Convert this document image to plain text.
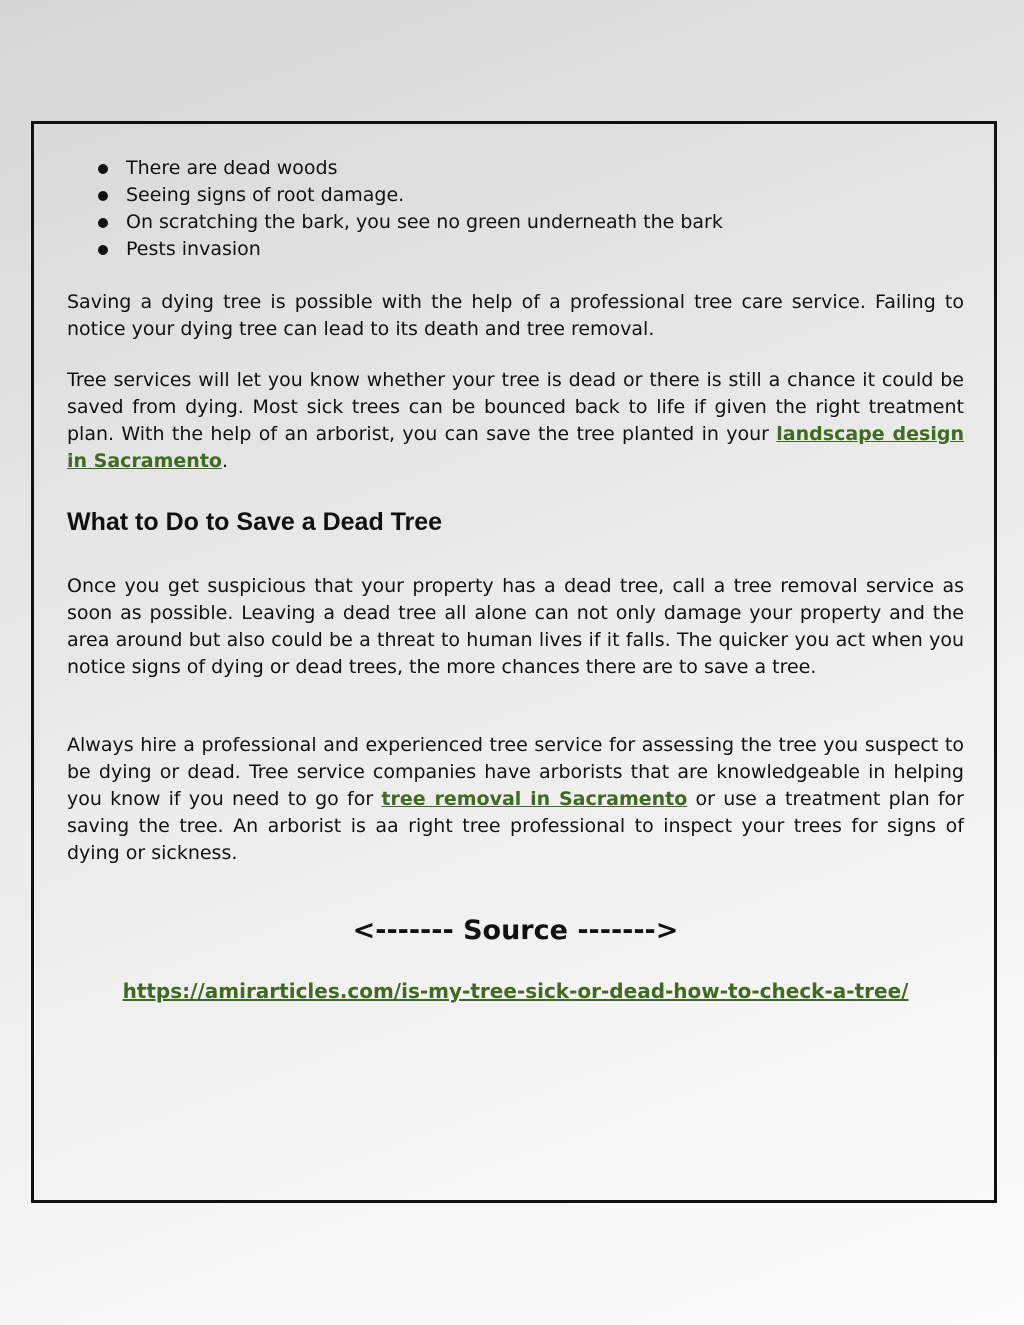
There are dead woods
Seeing signs of root damage.
On scratching the bark, you see no green underneath the bark
Pests invasion

Saving a dying tree is possible with the help of a professional tree care service. Failing to notice your dying tree can lead to its death and tree removal.

Tree services will let you know whether your tree is dead or there is still a chance it could be saved from dying. Most sick trees can be bounced back to life if given the right treatment plan. With the help of an arborist, you can save the tree planted in your landscape design in Sacramento.

What to Do to Save a Dead Tree

Once you get suspicious that your property has a dead tree, call a tree removal service as soon as possible. Leaving a dead tree all alone can not only damage your property and the area around but also could be a threat to human lives if it falls. The quicker you act when you notice signs of dying or dead trees, the more chances there are to save a tree.

Always hire a professional and experienced tree service for assessing the tree you suspect to be dying or dead. Tree service companies have arborists that are knowledgeable in helping you know if you need to go for tree removal in Sacramento or use a treatment plan for saving the tree. An arborist is aa right tree professional to inspect your trees for signs of dying or sickness.

<------- Source ------->
https://amirarticles.com/is-my-tree-sick-or-dead-how-to-check-a-tree/
